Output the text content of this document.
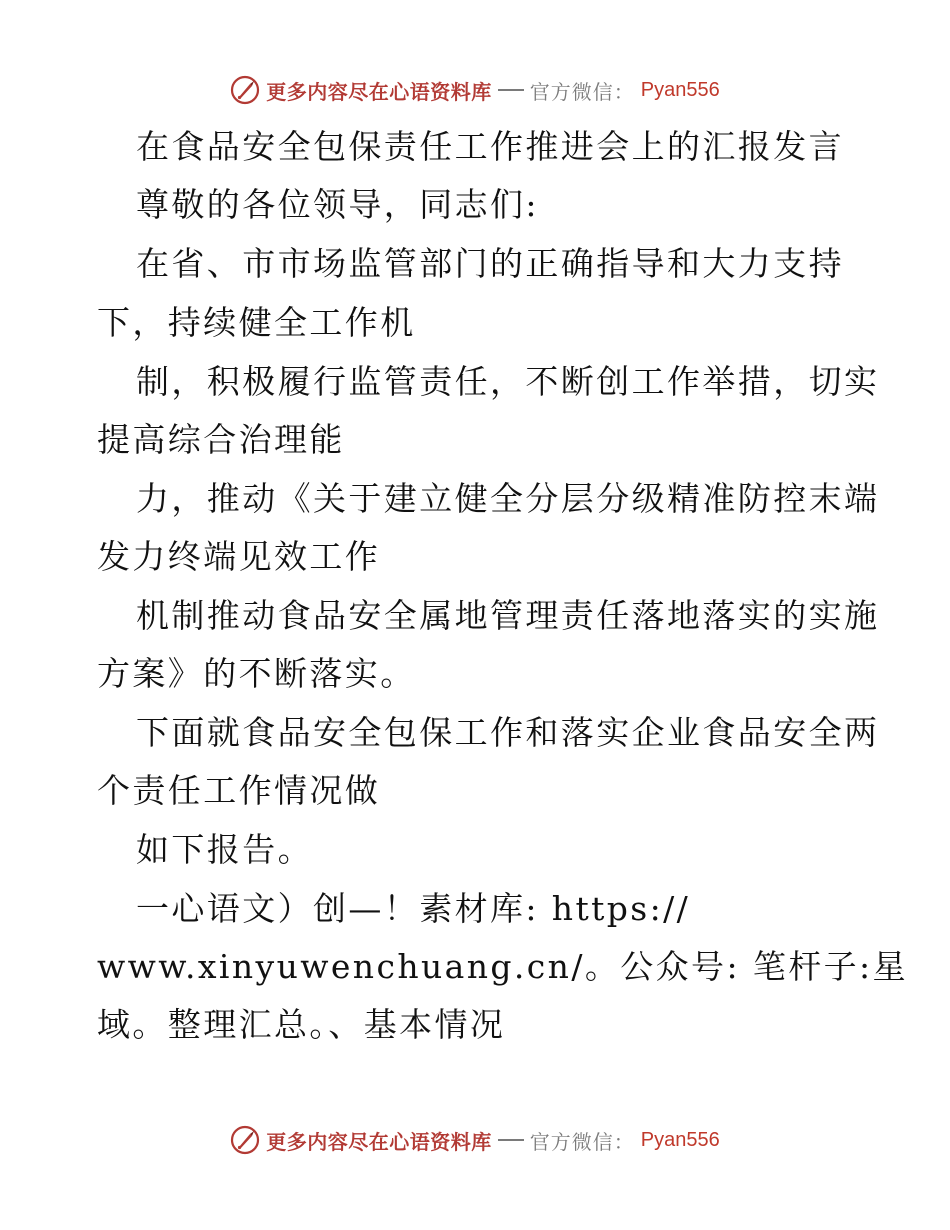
更多内容尽在心语资料库 官方微信： Pyan556
在食品安全包保责任工作推进会上的汇报发言
尊敬的各位领导，同志们:
在省、市市场监管部门的正确指导和大力支持
下，持续健全工作机
制，积极履行监管责任，不断创工作举措，切实
提高综合治理能
力，推动《关于建立健全分层分级精准防控末端
发力终端见效工作
机制推动食品安全属地管理责任落地落实的实施
方案》的不断落实。
下面就食品安全包保工作和落实企业食品安全两
个责任工作情况做
如下报告。
一心语文）创—！素材库: https://
www.xinyuwenchuang.cn/。公众号: 笔杆子:星
域。整理汇总。、基本情况
更多内容尽在心语资料库 官方微信： Pyan556
